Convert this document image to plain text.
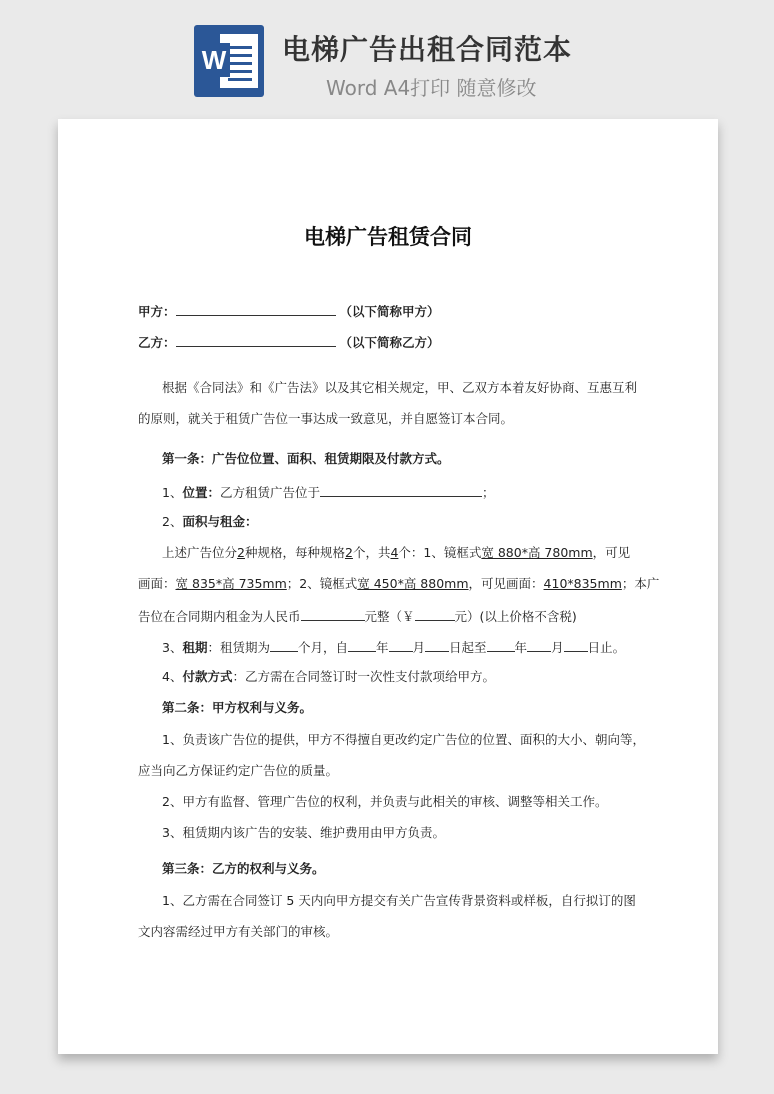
W 电梯广告出租合同范本
Word A4打印 随意修改

电梯广告租赁合同
甲方：	（以下简称甲方）
乙方：	（以下简称乙方）
根据《合同法》和《广告法》以及其它相关规定，甲、乙双方本着友好协商、互惠互利
的原则，就关于租赁广告位一事达成一致意见，并自愿签订本合同。
第一条：广告位位置、面积、租赁期限及付款方式。
1、位置：乙方租赁广告位于	；
2、面积与租金：
上述广告位分2种规格，每种规格2个，共4个：1、镜框式宽 880*高 780mm，可见
画面：宽 835*高 735mm；2、镜框式宽 450*高 880mm，可见画面：410*835mm；本广
告位在合同期内租金为人民币	元整（￥	元）(以上价格不含税)
3、租期：租赁期为 个月，自 年 月 日起至 年 月 日止。
4、付款方式：乙方需在合同签订时一次性支付款项给甲方。
第二条：甲方权利与义务。
1、负责该广告位的提供，甲方不得擅自更改约定广告位的位置、面积的大小、朝向等，
应当向乙方保证约定广告位的质量。
2、甲方有监督、管理广告位的权利，并负责与此相关的审核、调整等相关工作。
3、租赁期内该广告的安装、维护费用由甲方负责。
第三条：乙方的权利与义务。
1、乙方需在合同签订 5 天内向甲方提交有关广告宣传背景资料或样板，自行拟订的图
文内容需经过甲方有关部门的审核。
